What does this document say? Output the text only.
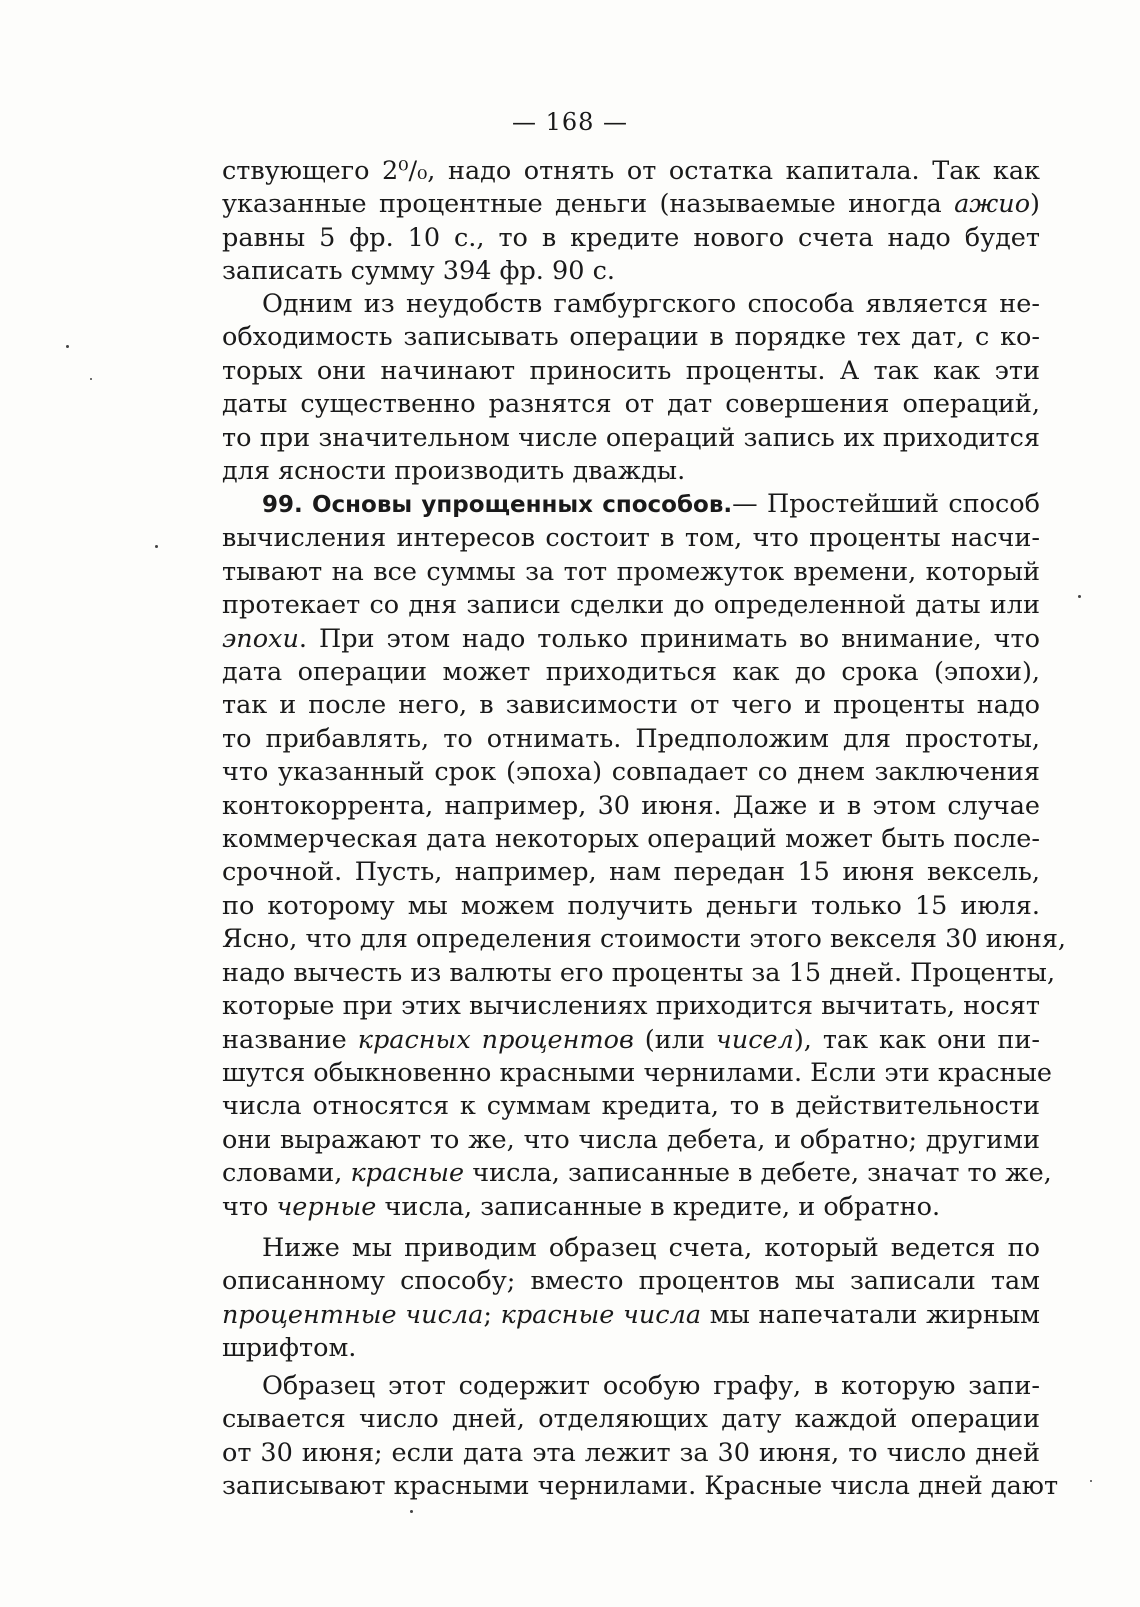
— 168 —
ствующего 2⁰/₀, надо отнять от остатка капитала. Так как
указанные процентные деньги (называемые иногда ажио)
равны 5 фр. 10 с., то в кредите нового счета надо будет
записать сумму 394 фр. 90 с.
Одним из неудобств гамбургского способа является не-
обходимость записывать операции в порядке тех дат, с ко-
торых они начинают приносить проценты. А так как эти
даты существенно разнятся от дат совершения операций,
то при значительном числе операций запись их приходится
для ясности производить дважды.
99. Основы упрощенных способов.— Простейший способ
вычисления интересов состоит в том, что проценты насчи-
тывают на все суммы за тот промежуток времени, который
протекает со дня записи сделки до определенной даты или
эпохи. При этом надо только принимать во внимание, что
дата операции может приходиться как до срока (эпохи),
так и после него, в зависимости от чего и проценты надо
то прибавлять, то отнимать. Предположим для простоты,
что указанный срок (эпоха) совпадает со днем заключения
контокоррента, например, 30 июня. Даже и в этом случае
коммерческая дата некоторых операций может быть после-
срочной. Пусть, например, нам передан 15 июня вексель,
по которому мы можем получить деньги только 15 июля.
Ясно, что для определения стоимости этого векселя 30 июня,
надо вычесть из валюты его проценты за 15 дней. Проценты,
которые при этих вычислениях приходится вычитать, носят
название красных процентов (или чисел), так как они пи-
шутся обыкновенно красными чернилами. Если эти красные
числа относятся к суммам кредита, то в действительности
они выражают то же, что числа дебета, и обратно; другими
словами, красные числа, записанные в дебете, значат то же,
что черные числа, записанные в кредите, и обратно.
Ниже мы приводим образец счета, который ведется по
описанному способу; вместо процентов мы записали там
процентные числа; красные числа мы напечатали жирным
шрифтом.
Образец этот содержит особую графу, в которую запи-
сывается число дней, отделяющих дату каждой операции
от 30 июня; если дата эта лежит за 30 июня, то число дней
записывают красными чернилами. Красные числа дней дают
